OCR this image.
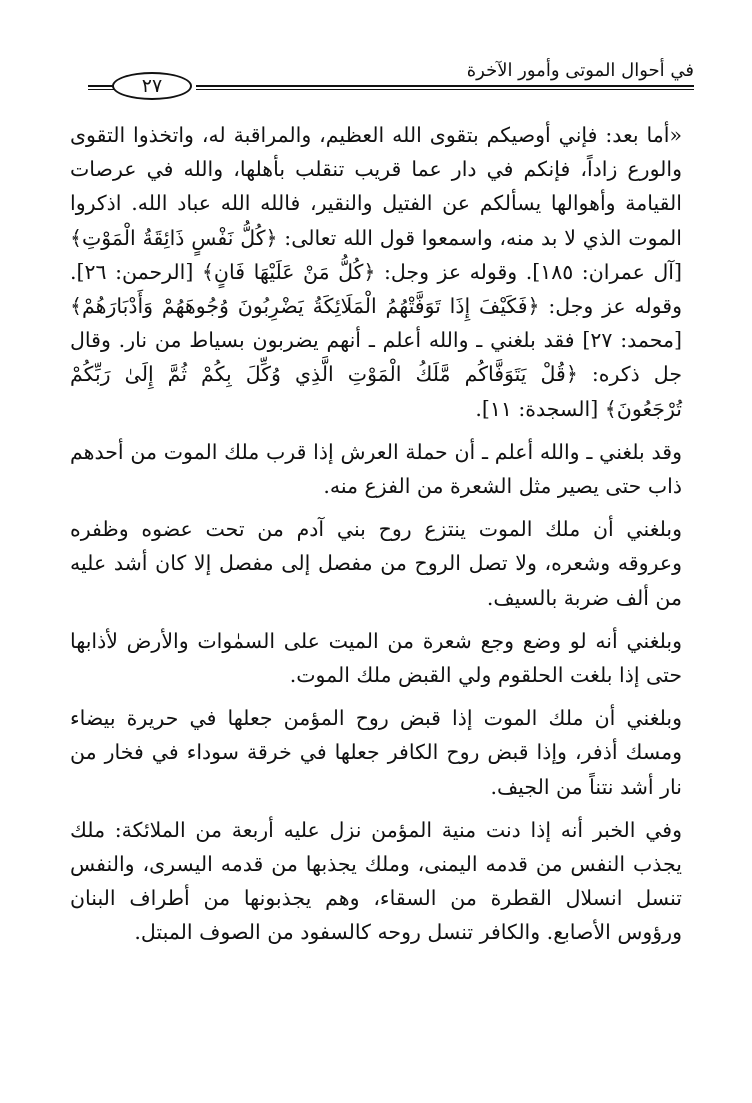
في أحوال الموتى وأمور الآخرة
٢٧

«أما بعد: فإني أوصيكم بتقوى الله العظيم، والمراقبة له، واتخذوا التقوى والورع زاداً، فإنكم في دار عما قريب تنقلب بأهلها، والله في عرصات القيامة وأهوالها يسألكم عن الفتيل والنقير، فالله الله عباد الله. اذكروا الموت الذي لا بد منه، واسمعوا قول الله تعالى: ﴿كُلُّ نَفْسٍ ذَائِقَةُ الْمَوْتِ﴾ [آل عمران: ١٨٥]. وقوله عز وجل: ﴿كُلُّ مَنْ عَلَيْهَا فَانٍ﴾ [الرحمن: ٢٦]. وقوله عز وجل: ﴿فَكَيْفَ إِذَا تَوَفَّتْهُمُ الْمَلَائِكَةُ يَضْرِبُونَ وُجُوهَهُمْ وَأَدْبَارَهُمْ﴾ [محمد: ٢٧] فقد بلغني ـ والله أعلم ـ أنهم يضربون بسياط من نار. وقال جل ذكره: ﴿قُلْ يَتَوَفَّاكُم مَّلَكُ الْمَوْتِ الَّذِي وُكِّلَ بِكُمْ ثُمَّ إِلَىٰ رَبِّكُمْ تُرْجَعُونَ﴾ [السجدة: ١١].

وقد بلغني ـ والله أعلم ـ أن حملة العرش إذا قرب ملك الموت من أحدهم ذاب حتى يصير مثل الشعرة من الفزع منه.

وبلغني أن ملك الموت ينتزع روح بني آدم من تحت عضوه وظفره وعروقه وشعره، ولا تصل الروح من مفصل إلى مفصل إلا كان أشد عليه من ألف ضربة بالسيف.

وبلغني أنه لو وضع وجع شعرة من الميت على السمٰوات والأرض لأذابها حتى إذا بلغت الحلقوم ولي القبض ملك الموت.

وبلغني أن ملك الموت إذا قبض روح المؤمن جعلها في حريرة بيضاء ومسك أذفر، وإذا قبض روح الكافر جعلها في خرقة سوداء في فخار من نار أشد نتناً من الجيف.

وفي الخبر أنه إذا دنت منية المؤمن نزل عليه أربعة من الملائكة: ملك يجذب النفس من قدمه اليمنى، وملك يجذبها من قدمه اليسرى، والنفس تنسل انسلال القطرة من السقاء، وهم يجذبونها من أطراف البنان ورؤوس الأصابع. والكافر تنسل روحه كالسفود من الصوف المبتل.
